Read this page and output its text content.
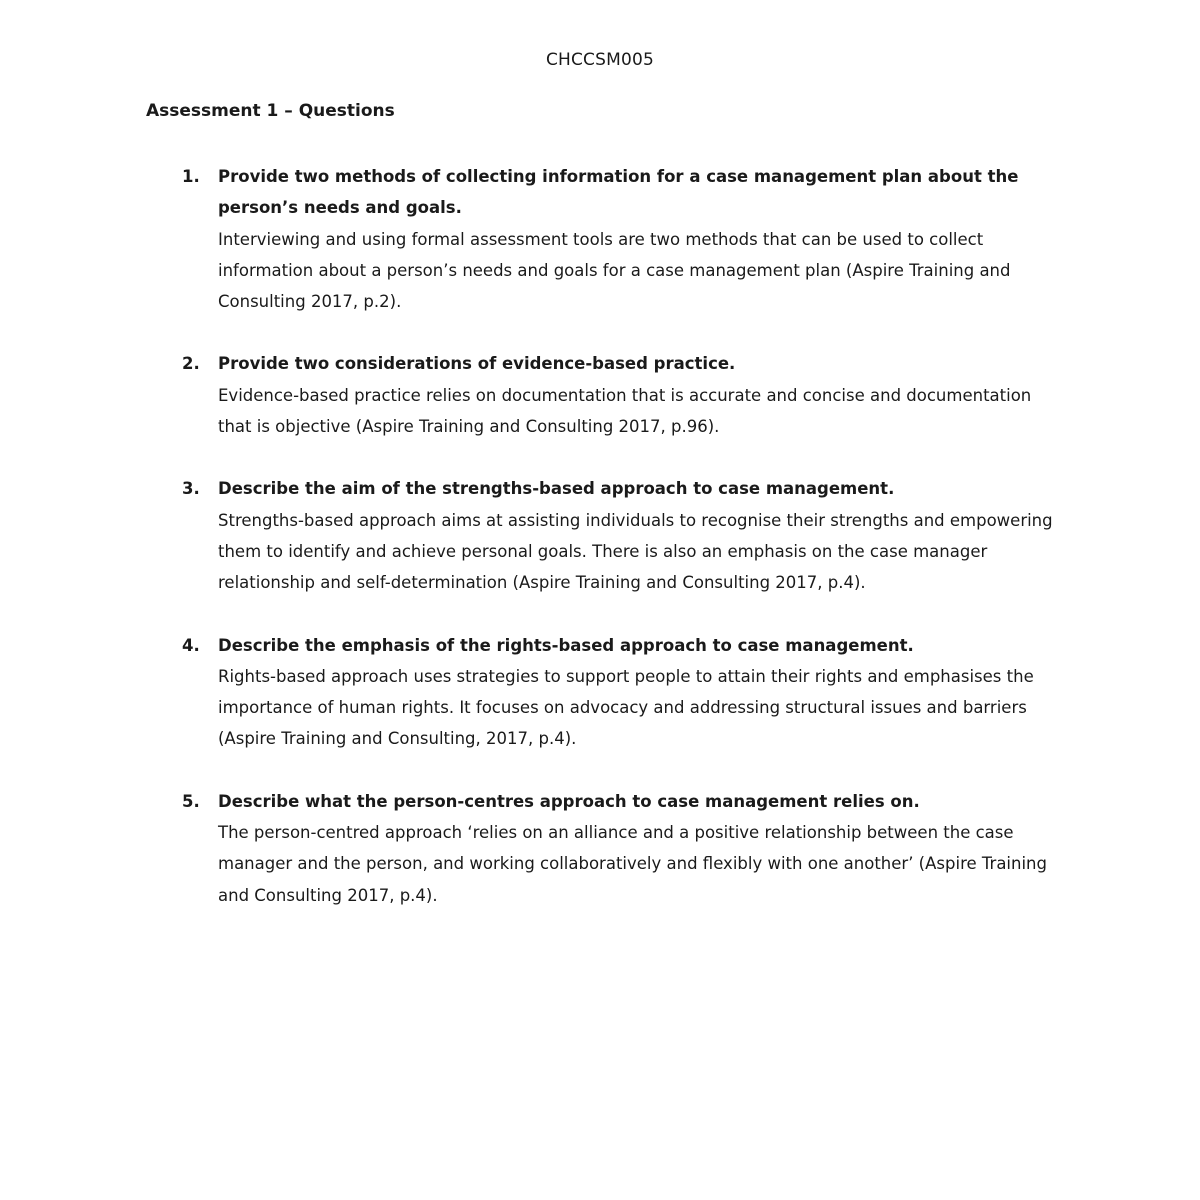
CHCCSM005
Assessment 1 – Questions
1. Provide two methods of collecting information for a case management plan about the person’s needs and goals.

Interviewing and using formal assessment tools are two methods that can be used to collect information about a person’s needs and goals for a case management plan (Aspire Training and Consulting 2017, p.2).

2. Provide two considerations of evidence-based practice.

Evidence-based practice relies on documentation that is accurate and concise and documentation that is objective (Aspire Training and Consulting 2017, p.96).

3. Describe the aim of the strengths-based approach to case management.

Strengths-based approach aims at assisting individuals to recognise their strengths and empowering them to identify and achieve personal goals. There is also an emphasis on the case manager relationship and self-determination (Aspire Training and Consulting 2017, p.4).

4. Describe the emphasis of the rights-based approach to case management.

Rights-based approach uses strategies to support people to attain their rights and emphasises the importance of human rights. It focuses on advocacy and addressing structural issues and barriers (Aspire Training and Consulting, 2017, p.4).

5. Describe what the person-centres approach to case management relies on.

The person-centred approach ‘relies on an alliance and a positive relationship between the case manager and the person, and working collaboratively and flexibly with one another’ (Aspire Training and Consulting 2017, p.4).
